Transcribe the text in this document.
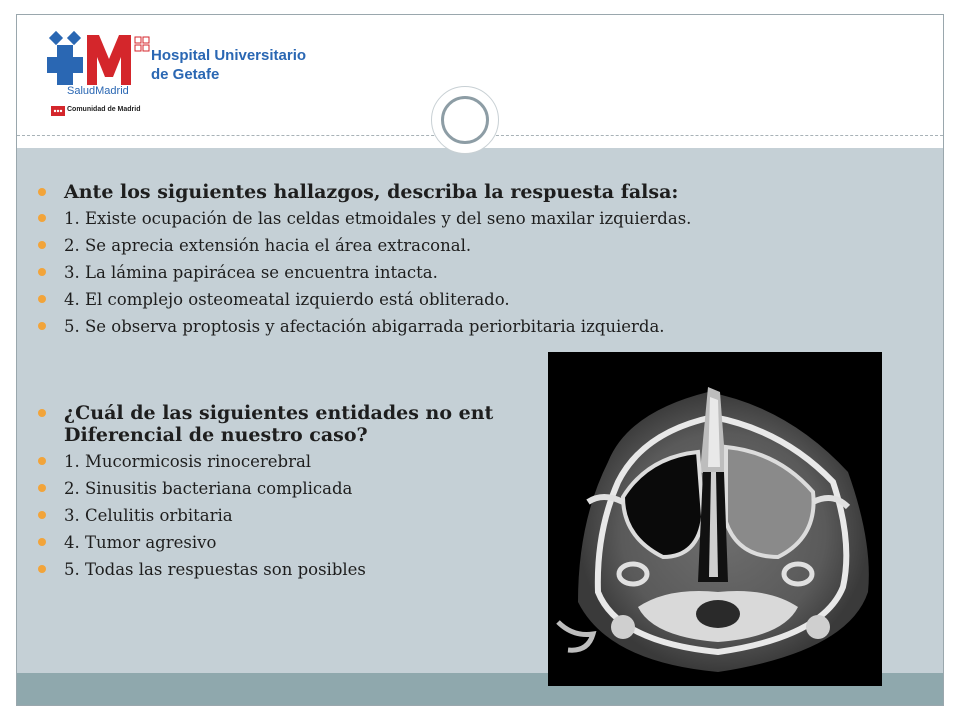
Hospital Universitario
de Getafe
SaludMadrid
Comunidad de Madrid
Ante los siguientes hallazgos, describa la respuesta falsa:
1. Existe ocupación de las celdas etmoidales y del seno maxilar izquierdas.
2. Se aprecia extensión hacia el área extraconal.
3. La lámina papirácea se encuentra intacta.
4. El complejo osteomeatal izquierdo está obliterado.
5. Se observa proptosis y afectación abigarrada periorbitaria izquierda.
¿Cuál de las siguientes entidades no ent
Diferencial de nuestro caso?
1. Mucormicosis rinocerebral
2. Sinusitis bacteriana complicada
3. Celulitis orbitaria
4. Tumor agresivo
5. Todas las respuestas son posibles
